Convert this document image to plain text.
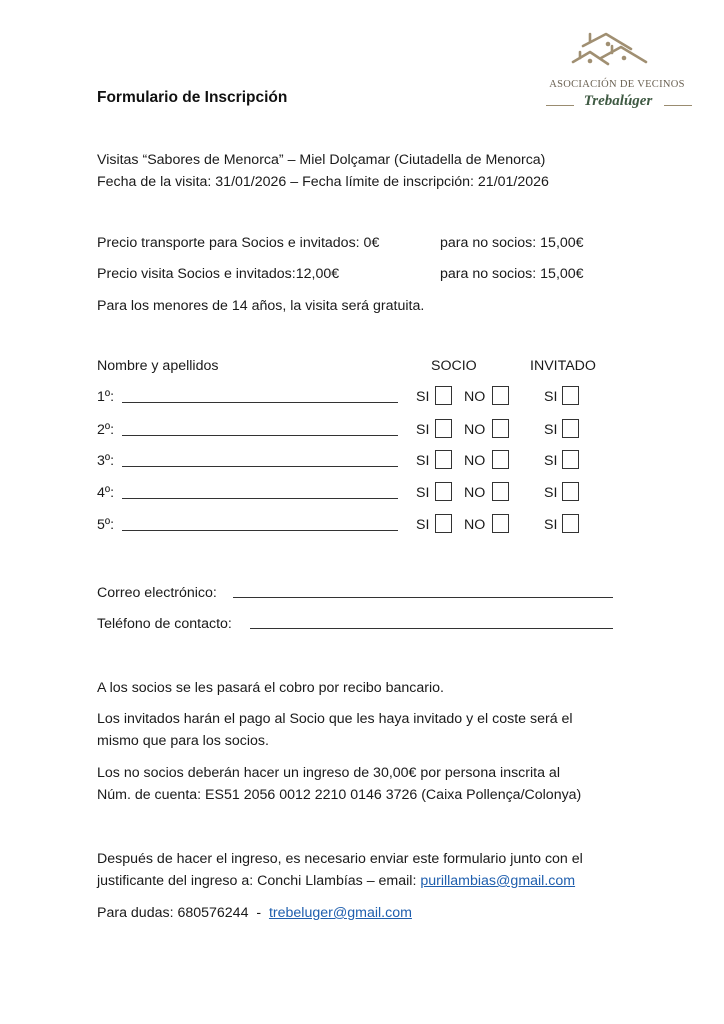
ASOCIACIÓN DE VECINOS
Trebalúger
Formulario de Inscripción
Visitas “Sabores de Menorca” – Miel Dolçamar (Ciutadella de Menorca)
Fecha de la visita: 31/01/2026 – Fecha límite de inscripción: 21/01/2026
Precio transporte para Socios e invitados: 0€	para no socios: 15,00€
Precio visita Socios e invitados:12,00€	para no socios: 15,00€
Para los menores de 14 años, la visita será gratuita.
Nombre y apellidos	SOCIO	INVITADO
1º:	SI NO	SI
2º:	SI NO	SI
3º:	SI NO	SI
4º:	SI NO	SI
5º:	SI NO	SI
Correo electrónico:
Teléfono de contacto:
A los socios se les pasará el cobro por recibo bancario.
Los invitados harán el pago al Socio que les haya invitado y el coste será el
mismo que para los socios.
Los no socios deberán hacer un ingreso de 30,00€ por persona inscrita al
Núm. de cuenta: ES51 2056 0012 2210 0146 3726 (Caixa Pollença/Colonya)
Después de hacer el ingreso, es necesario enviar este formulario junto con el
justificante del ingreso a: Conchi Llambías – email: purillambias@gmail.com
Para dudas: 680576244  -  trebeluger@gmail.com
